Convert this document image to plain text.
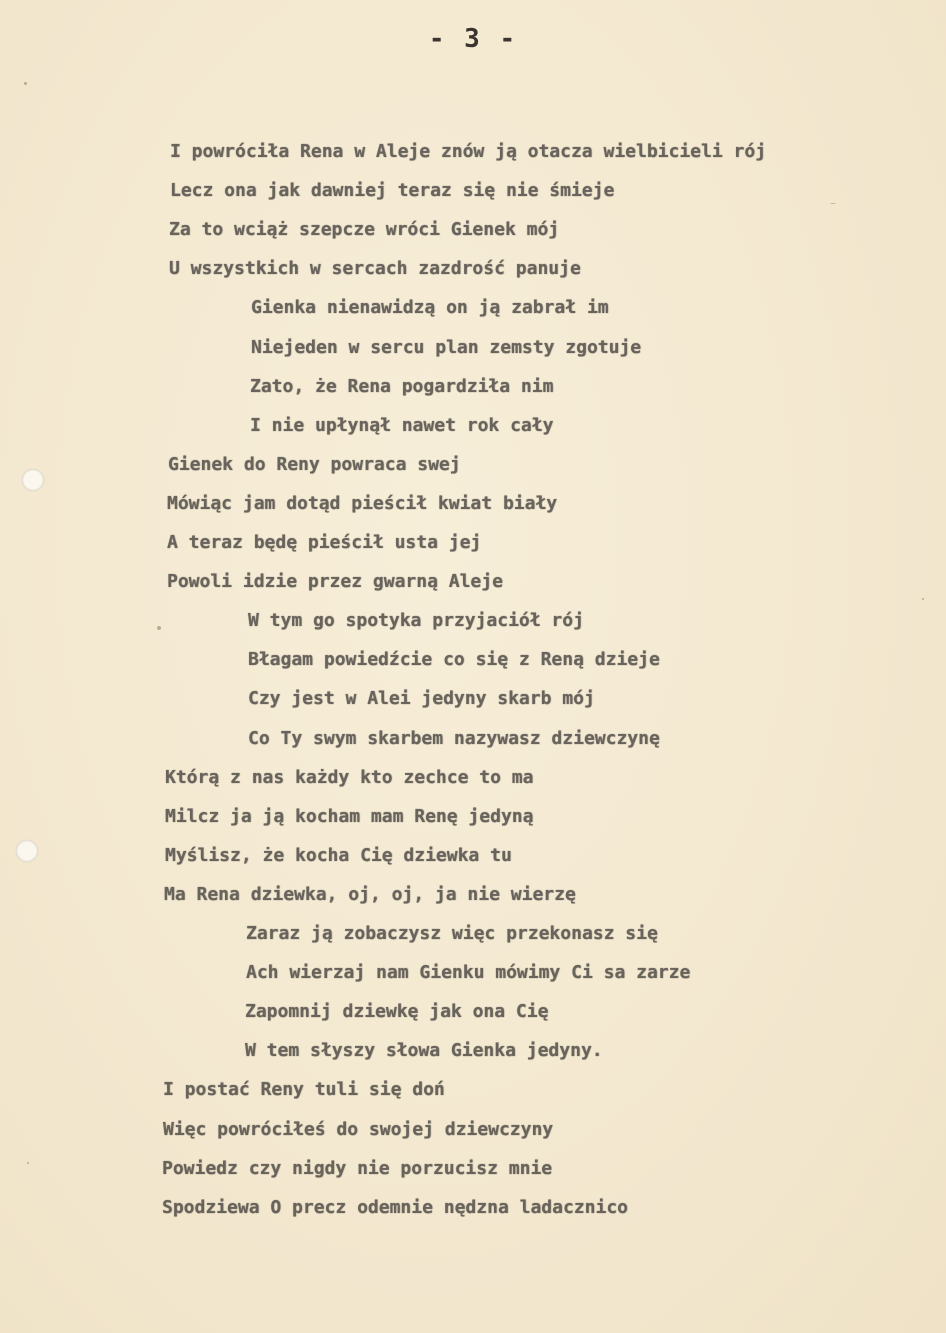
- 3 -
I powróciła Rena w Aleje znów ją otacza wielbicieli rój
Lecz ona jak dawniej teraz się nie śmieje
Za to wciąż szepcze wróci Gienek mój
U wszystkich w sercach zazdrość panuje
Gienka nienawidzą on ją zabrał im
Niejeden w sercu plan zemsty zgotuje
Zato, że Rena pogardziła nim
I nie upłynął nawet rok cały
Gienek do Reny powraca swej
Mówiąc jam dotąd pieścił kwiat biały
A teraz będę pieścił usta jej
Powoli idzie przez gwarną Aleje
W tym go spotyka przyjaciół rój
Błagam powiedźcie co się z Reną dzieje
Czy jest w Alei jedyny skarb mój
Co Ty swym skarbem nazywasz dziewczynę
Którą z nas każdy kto zechce to ma
Milcz ja ją kocham mam Renę jedyną
Myślisz, że kocha Cię dziewka tu
Ma Rena dziewka, oj, oj, ja nie wierzę
Zaraz ją zobaczysz więc przekonasz się
Ach wierzaj nam Gienku mówimy Ci sa zarze
Zapomnij dziewkę jak ona Cię
W tem słyszy słowa Gienka jedyny.
I postać Reny tuli się doń
Więc powróciłeś do swojej dziewczyny
Powiedz czy nigdy nie porzucisz mnie
Spodziewa O precz odemnie nędzna ladacznico
